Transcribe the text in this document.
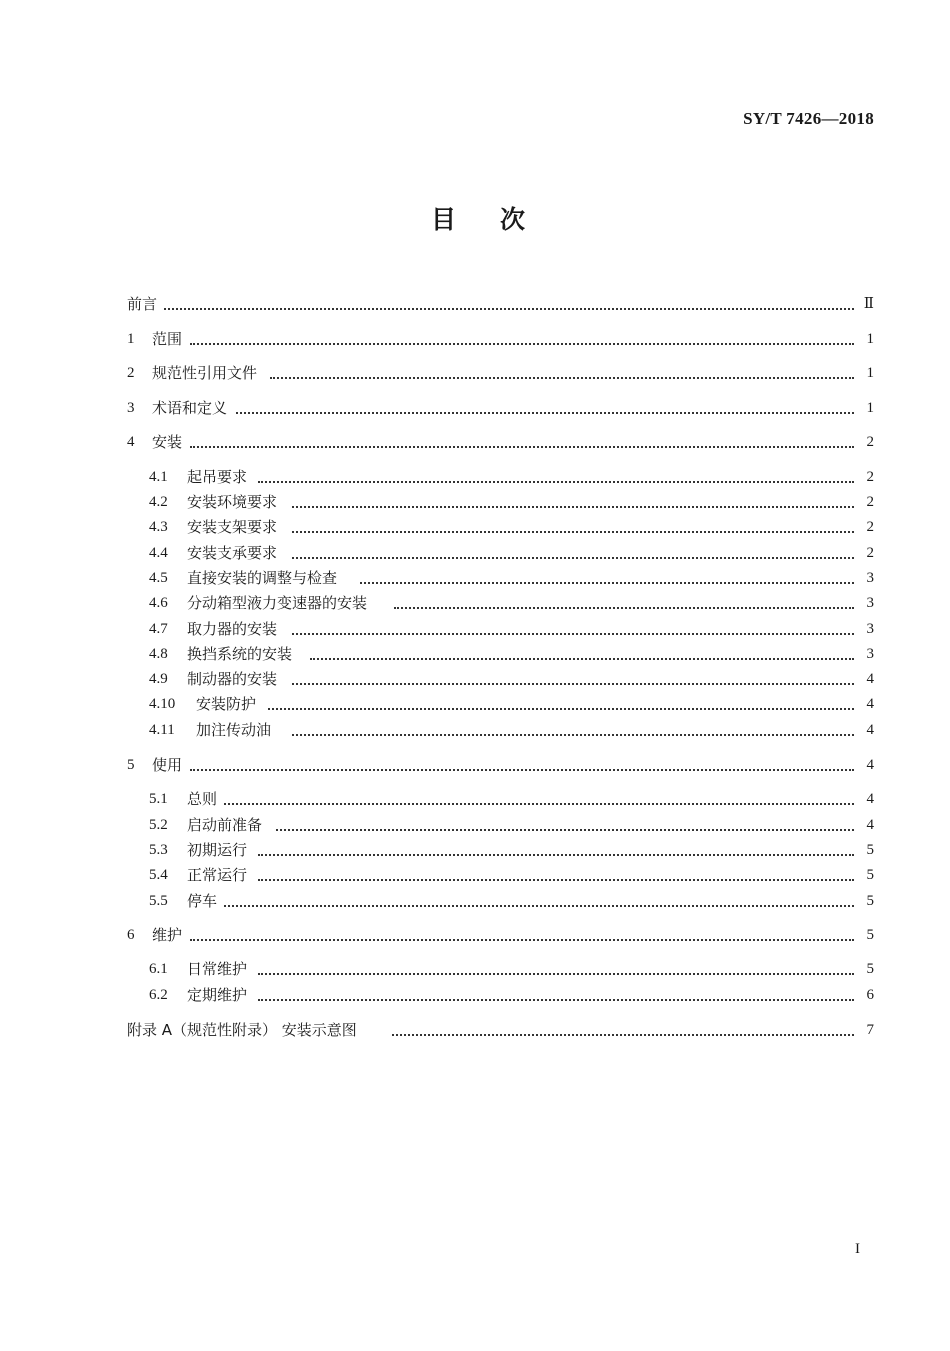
SY/T 7426—2018
目次
前言	Ⅱ
1 范围	1
2 规范性引用文件	1
3 术语和定义	1
4 安装	2
4.1 起吊要求	2
4.2 安装环境要求	2
4.3 安装支架要求	2
4.4 安装支承要求	2
4.5 直接安装的调整与检查	3
4.6 分动箱型液力变速器的安装	3
4.7 取力器的安装	3
4.8 换挡系统的安装	3
4.9 制动器的安装	4
4.10 安装防护	4
4.11 加注传动油	4
5 使用	4
5.1 总则	4
5.2 启动前准备	4
5.3 初期运行	5
5.4 正常运行	5
5.5 停车	5
6 维护	5
6.1 日常维护	5
6.2 定期维护	6
附录 A（规范性附录） 安装示意图	7
I
